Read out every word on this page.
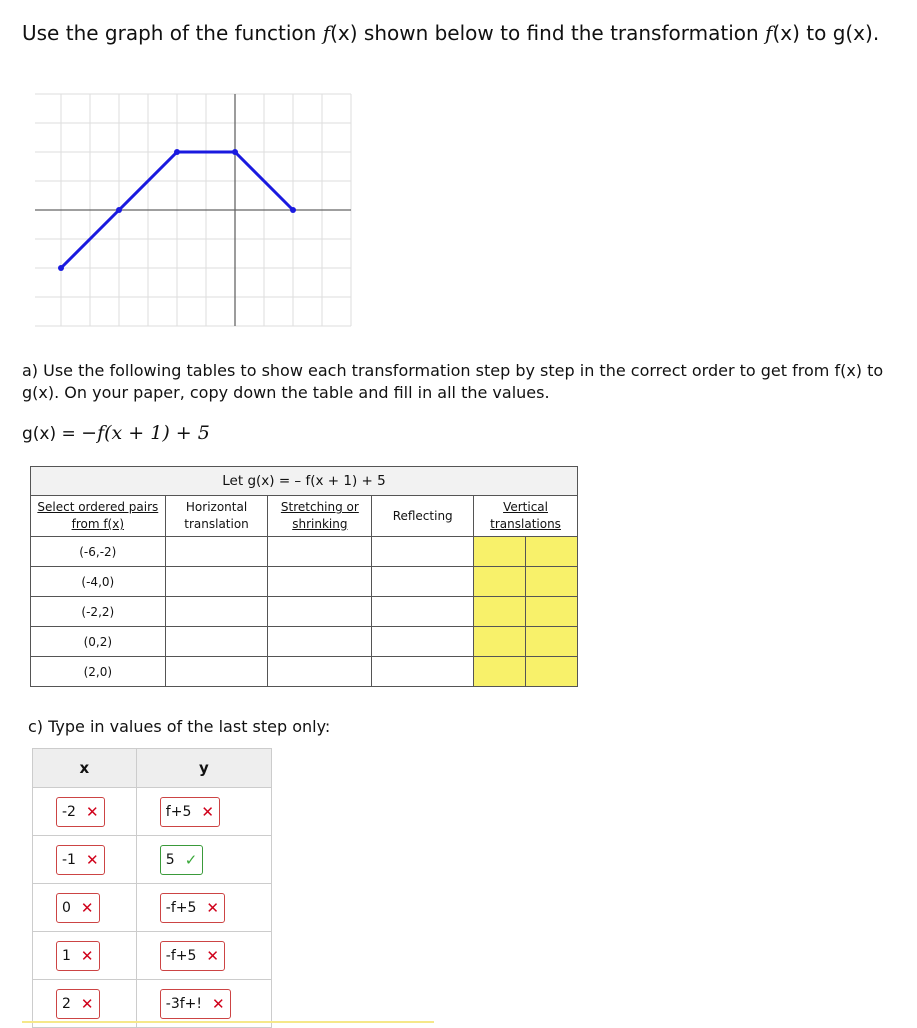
Use the graph of the function f(x) shown below to find the transformation f(x) to g(x).
a) Use the following tables to show each transformation step by step in the correct order to get from f(x) to g(x). On your paper, copy down the table and fill in all the values.
g(x) = −f(x + 1) + 5
Let g(x) = – f(x + 1) + 5					
Select ordered pairs from f(x)	Horizontal translation	Stretching or shrinking	Reflecting	Vertical translations	
(-6,-2)					
(-4,0)					
(-2,2)					
(0,2)					
(2,0)					
c) Type in values of the last step only:
x	y

-2 ✕	f+5 ✕

-1 ✕	5 ✓

0 ✕	-f+5 ✕

1 ✕	-f+5 ✕

2 ✕	-3f+! ✕
